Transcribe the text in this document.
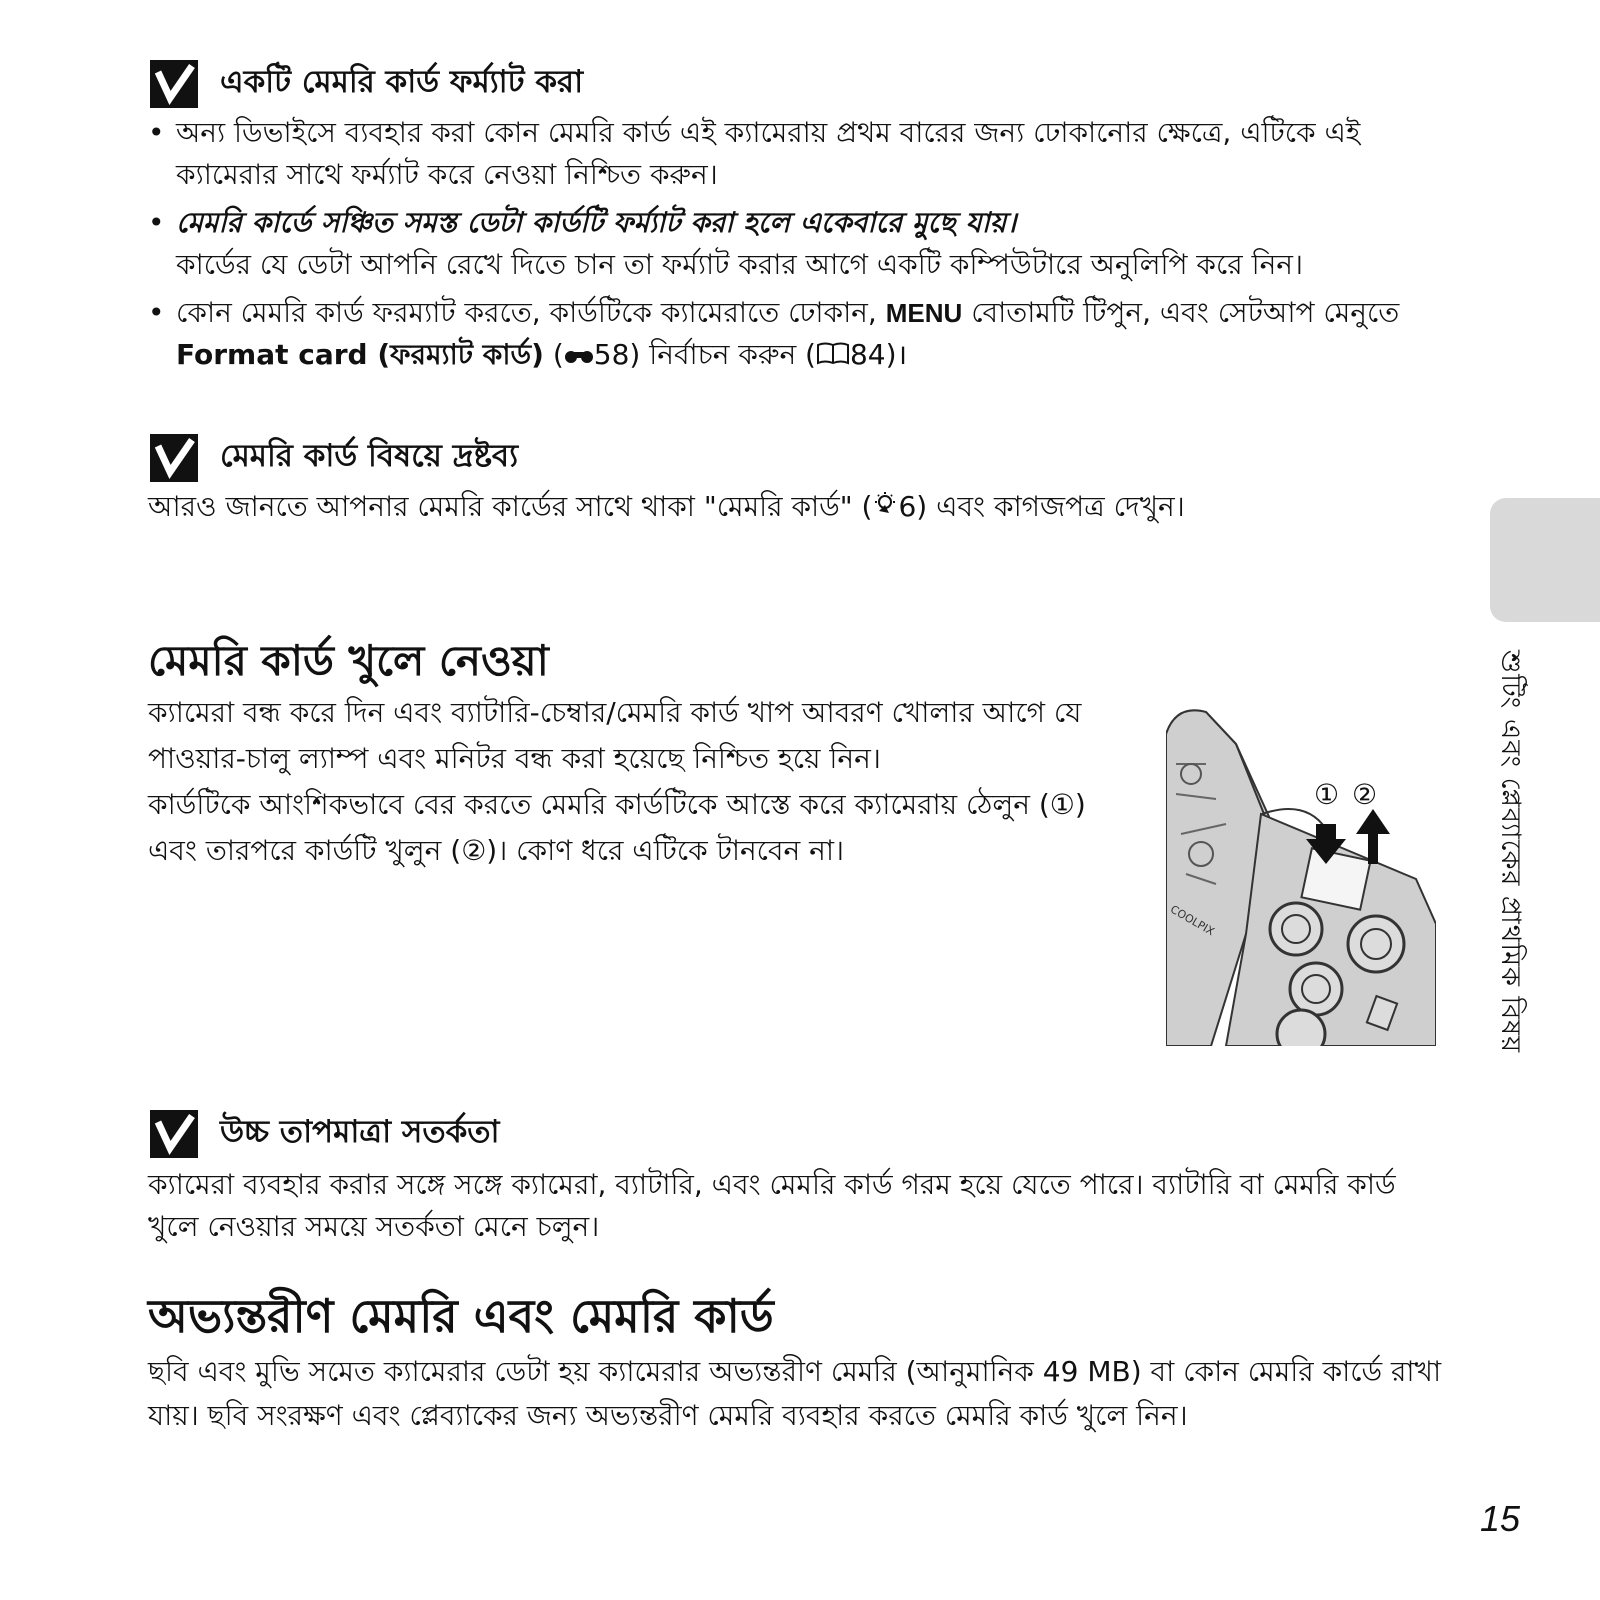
একটি মেমরি কার্ড ফর্ম্যাট করা
• অন্য ডিভাইসে ব্যবহার করা কোন মেমরি কার্ড এই ক্যামেরায় প্রথম বারের জন্য ঢোকানোর ক্ষেত্রে, এটিকে এই ক্যামেরার সাথে ফর্ম্যাট করে নেওয়া নিশ্চিত করুন।
• মেমরি কার্ডে সঞ্চিত সমস্ত ডেটা কার্ডটি ফর্ম্যাট করা হলে একেবারে মুছে যায়।
কার্ডের যে ডেটা আপনি রেখে দিতে চান তা ফর্ম্যাট করার আগে একটি কম্পিউটারে অনুলিপি করে নিন।
• কোন মেমরি কার্ড ফরম্যাট করতে, কার্ডটিকে ক্যামেরাতে ঢোকান, MENU বোতামটি টিপুন, এবং সেটআপ মেনুতে Format card (ফরম্যাট কার্ড) ( 58) নির্বাচন করুন ( 84)।
মেমরি কার্ড বিষয়ে দ্রষ্টব্য
আরও জানতে আপনার মেমরি কার্ডের সাথে থাকা "মেমরি কার্ড" ( 6) এবং কাগজপত্র দেখুন।
শুটিং এবং প্লেব্যাকের প্রাথমিক বিষয়
মেমরি কার্ড খুলে নেওয়া
ক্যামেরা বন্ধ করে দিন এবং ব্যাটারি-চেম্বার/মেমরি কার্ড খাপ আবরণ খোলার আগে যে পাওয়ার-চালু ল্যাম্প এবং মনিটর বন্ধ করা হয়েছে নিশ্চিত হয়ে নিন।
কার্ডটিকে আংশিকভাবে বের করতে মেমরি কার্ডটিকে আস্তে করে ক্যামেরায় ঠেলুন (①) এবং তারপরে কার্ডটি খুলুন (②)। কোণ ধরে এটিকে টানবেন না।
① ②
COOLPIX
উচ্চ তাপমাত্রা সতর্কতা
ক্যামেরা ব্যবহার করার সঙ্গে সঙ্গে ক্যামেরা, ব্যাটারি, এবং মেমরি কার্ড গরম হয়ে যেতে পারে। ব্যাটারি বা মেমরি কার্ড খুলে নেওয়ার সময়ে সতর্কতা মেনে চলুন।
অভ্যন্তরীণ মেমরি এবং মেমরি কার্ড
ছবি এবং মুভি সমেত ক্যামেরার ডেটা হয় ক্যামেরার অভ্যন্তরীণ মেমরি (আনুমানিক 49 MB) বা কোন মেমরি কার্ডে রাখা যায়। ছবি সংরক্ষণ এবং প্লেব্যাকের জন্য অভ্যন্তরীণ মেমরি ব্যবহার করতে মেমরি কার্ড খুলে নিন।
15
